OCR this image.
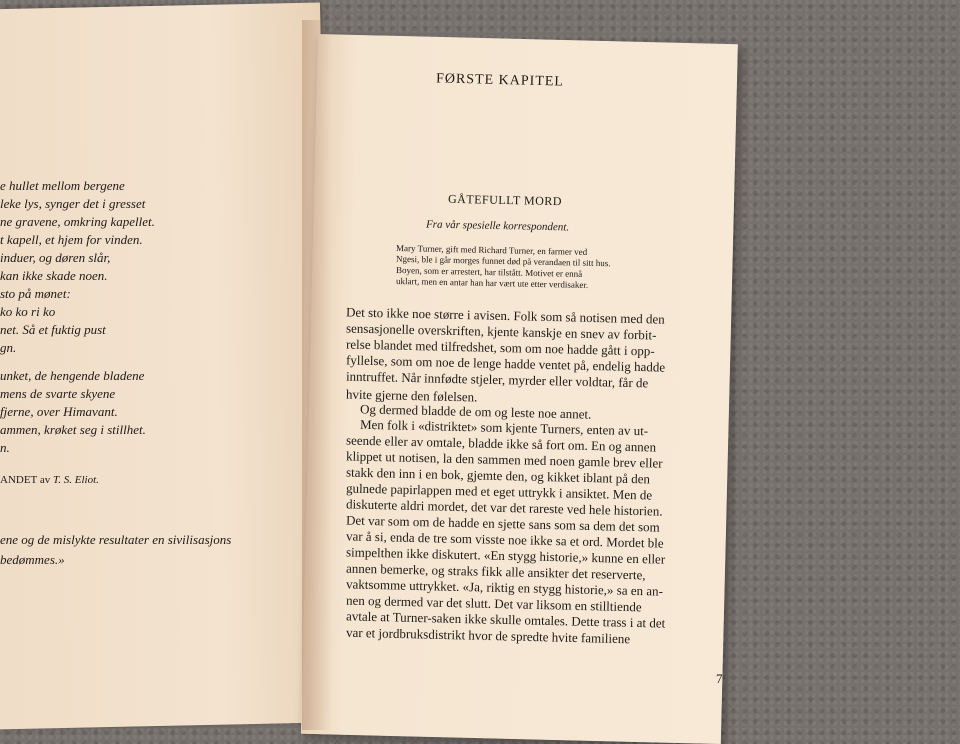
e hullet mellom bergene
leke lys, synger det i gresset
ne gravene, omkring kapellet.
t kapell, et hjem for vinden.
induer, og døren slår,
kan ikke skade noen.
sto på mønet:
ko ko ri ko
net. Så et fuktig pust
gn.
unket, de hengende bladene
mens de svarte skyene
fjerne, over Himavant.
ammen, krøket seg i stillhet.
n.
ANDET av T. S. Eliot.
ene og de mislykte resultater en sivilisasjons
bedømmes.»
FØRSTE KAPITEL
GÅTEFULLT MORD
Fra vår spesielle korrespondent.
Mary Turner, gift med Richard Turner, en farmer ved
Ngesi, ble i går morges funnet død på verandaen til sitt hus.
Boyen, som er arrestert, har tilstått. Motivet er ennå
uklart, men en antar han har vært ute etter verdisaker.
Det sto ikke noe større i avisen. Folk som så notisen med den
sensasjonelle overskriften, kjente kanskje en snev av forbit-
relse blandet med tilfredshet, som om noe hadde gått i opp-
fyllelse, som om noe de lenge hadde ventet på, endelig hadde
inntruffet. Når innfødte stjeler, myrder eller voldtar, får de
hvite gjerne den følelsen.
Og dermed bladde de om og leste noe annet.
Men folk i «distriktet» som kjente Turners, enten av ut-
seende eller av omtale, bladde ikke så fort om. En og annen
klippet ut notisen, la den sammen med noen gamle brev eller
stakk den inn i en bok, gjemte den, og kikket iblant på den
gulnede papirlappen med et eget uttrykk i ansiktet. Men de
diskuterte aldri mordet, det var det rareste ved hele historien.
Det var som om de hadde en sjette sans som sa dem det som
var å si, enda de tre som visste noe ikke sa et ord. Mordet ble
simpelthen ikke diskutert. «En stygg historie,» kunne en eller
annen bemerke, og straks fikk alle ansikter det reserverte,
vaktsomme uttrykket. «Ja, riktig en stygg historie,» sa en an-
nen og dermed var det slutt. Det var liksom en stilltiende
avtale at Turner-saken ikke skulle omtales. Dette trass i at det
var et jordbruksdistrikt hvor de spredte hvite familiene
7
